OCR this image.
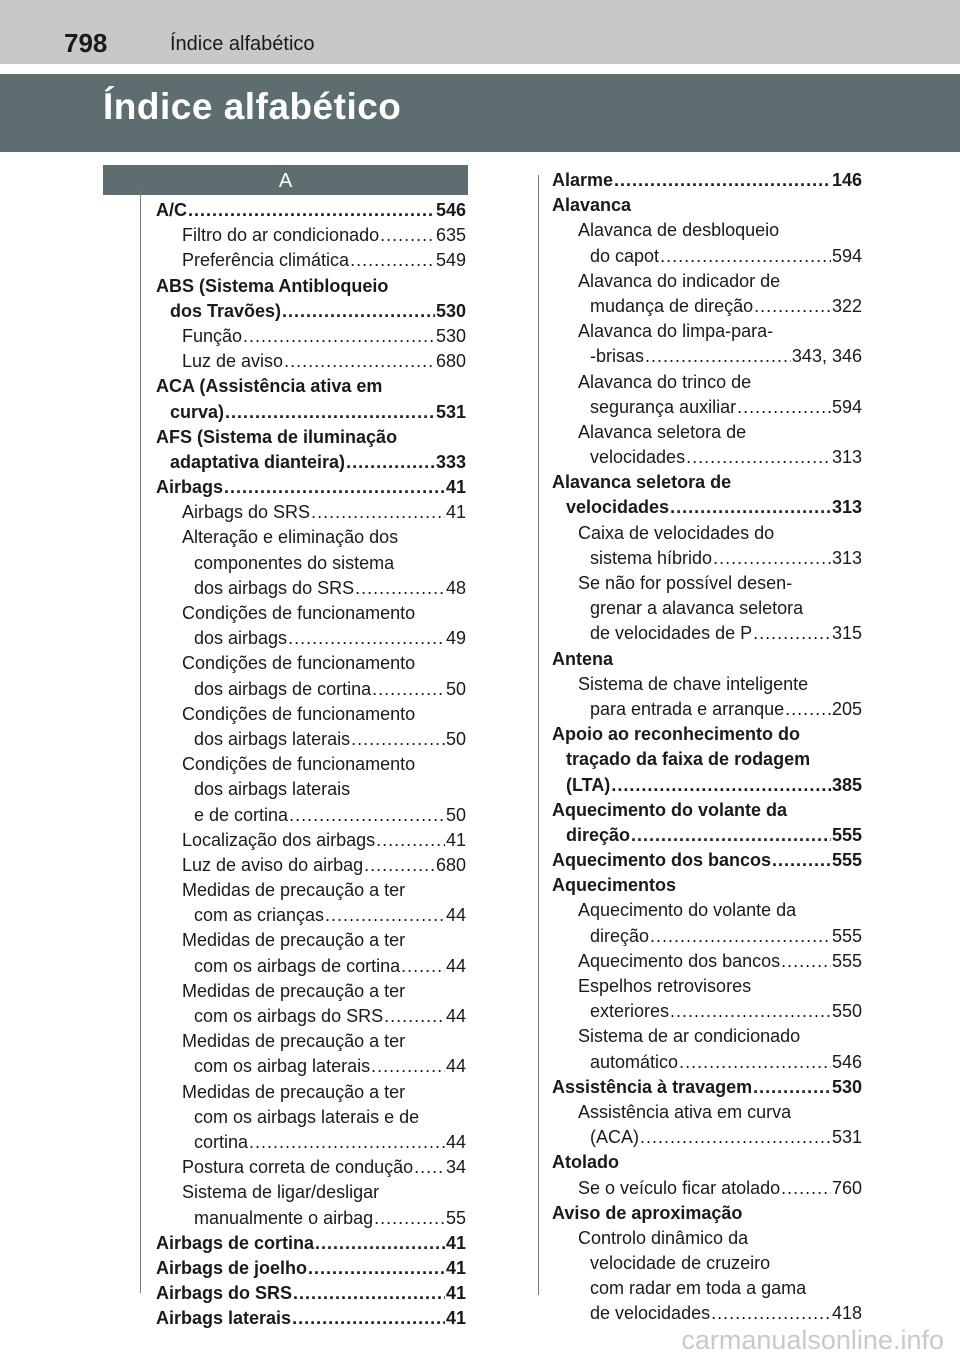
798	Índice alfabético
Índice alfabético
A
A/C .....	546
Filtro do ar condicionado .....	635
Preferência climática .....	549
ABS (Sistema Antibloqueio
dos Travões) .....	530
Função .....	530
Luz de aviso .....	680
ACA (Assistência ativa em
curva) .....	531
AFS (Sistema de iluminação
adaptativa dianteira) .....	333
Airbags .....	41
Airbags do SRS .....	41
Alteração e eliminação dos
componentes do sistema
dos airbags do SRS .....	48
Condições de funcionamento
dos airbags .....	49
Condições de funcionamento
dos airbags de cortina .....	50
Condições de funcionamento
dos airbags laterais .....	50
Condições de funcionamento
dos airbags laterais
e de cortina .....	50
Localização dos airbags .....	41
Luz de aviso do airbag .....	680
Medidas de precaução a ter
com as crianças .....	44
Medidas de precaução a ter
com os airbags de cortina .....	44
Medidas de precaução a ter
com os airbags do SRS .....	44
Medidas de precaução a ter
com os airbag laterais .....	44
Medidas de precaução a ter
com os airbags laterais e de
cortina .....	44
Postura correta de condução ..... 34
Sistema de ligar/desligar
manualmente o airbag .....	55
Airbags de cortina .....	41
Airbags de joelho .....	41
Airbags do SRS .....	41
Airbags laterais .....	41
Alarme .....	146
Alavanca
Alavanca de desbloqueio
do capot .....	594
Alavanca do indicador de
mudança de direção .....	322
Alavanca do limpa-para-
-brisas .....	343, 346
Alavanca do trinco de
segurança auxiliar .....	594
Alavanca seletora de
velocidades .....	313
Alavanca seletora de
velocidades .....	313
Caixa de velocidades do
sistema híbrido .....	313
Se não for possível desen-
grenar a alavanca seletora
de velocidades de P .....	315
Antena
Sistema de chave inteligente
para entrada e arranque .....	205
Apoio ao reconhecimento do
traçado da faixa de rodagem
(LTA) .....	385
Aquecimento do volante da
direção .....	555
Aquecimento dos bancos .....	555
Aquecimentos
Aquecimento do volante da
direção .....	555
Aquecimento dos bancos .....	555
Espelhos retrovisores
exteriores .....	550
Sistema de ar condicionado
automático .....	546
Assistência à travagem .....	530
Assistência ativa em curva
(ACA) .....	531
Atolado
Se o veículo ficar atolado .....	760
Aviso de aproximação
Controlo dinâmico da
velocidade de cruzeiro
com radar em toda a gama
de velocidades .....	418
carmanualsonline.info
